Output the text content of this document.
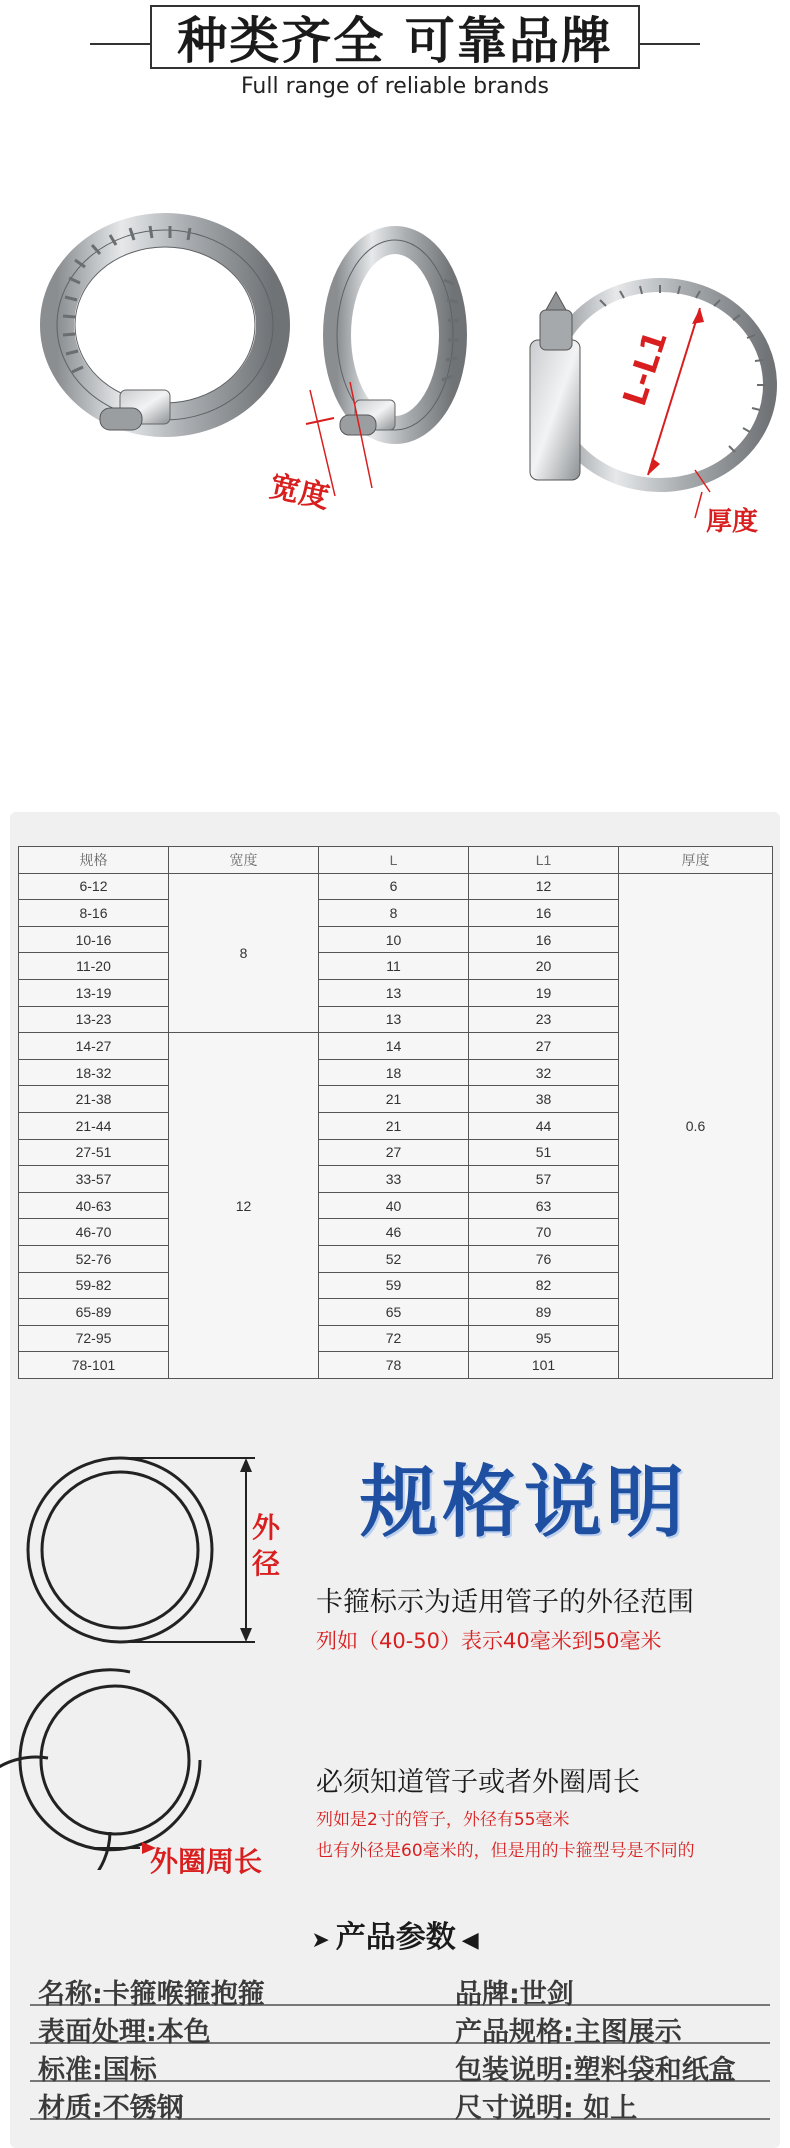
种类齐全 可靠品牌
Full range of reliable brands
宽度
L-L1
厚度
规格	宽度	L	L1	厚度
6-12	8	6	12	0.6
8-16		8	16	
10-16		10	16	
11-20		11	20	
13-19		13	19	
13-23		13	23	
14-27	12	14	27	
18-32		18	32	
21-38		21	38	
21-44		21	44	
27-51		27	51	
33-57		33	57	
40-63		40	63	
46-70		46	70	
52-76		52	76	
59-82		59	82	
65-89		65	89	
72-95		72	95	
78-101		78	101	
规格说明
外径
卡箍标示为适用管子的外径范围
列如（40-50）表示40毫米到50毫米
必须知道管子或者外圈周长
列如是2寸的管子，外径有55毫米
也有外径是60毫米的，但是用的卡箍型号是不同的
外圈周长
➤ 产品参数 ◀
名称:卡箍喉箍抱箍	品牌:世剑
表面处理:本色	产品规格:主图展示
标准:国标	包装说明:塑料袋和纸盒
材质:不锈钢	尺寸说明: 如上
